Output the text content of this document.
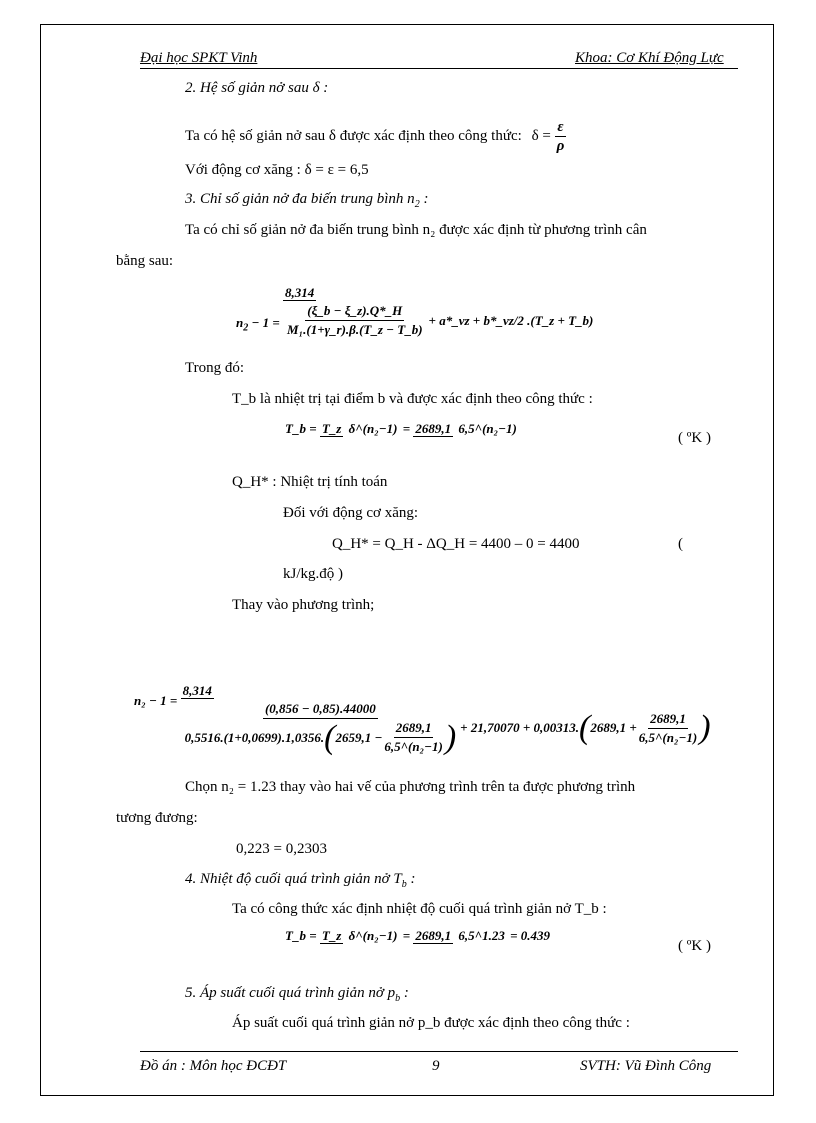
Đại học SPKT Vinh	Khoa: Cơ Khí Động Lực
2. Hệ số giản nở sau δ :
Ta có hệ số giản nở sau δ được xác định theo công thức: $\delta = \frac{\varepsilon}{\rho}$
Với động cơ xăng : δ = ε = 6,5
3. Chỉ số giản nở đa biến trung bình $n_2$ :
Ta có chỉ số giản nở đa biến trung bình n₂ được xác định từ phương trình cân
bằng sau:
$n_2 - 1 = 8,314$
$\frac{(\xi\_b - \xi\_z).Q*\_H}{\text{M₁.(1+γ\_r).β.(T\_z − T\_b)}}$ + a*_vz + b*_vz/2 .(T_z + T_b)
Trong đó:
T_b là nhiệt trị tại điểm b và được xác định theo công thức :
T_b = T_z δ^(n₂−1) = 2689,1 6,5^(n₂−1)
( ºK )
Q_H* : Nhiệt trị tính toán
Đối với động cơ xăng:
Q_H* = Q_H - ΔQ_H = 4400 – 0 = 4400	(
kJ/kg.độ )
Thay vào phương trình;
n₂ − 1 = 8,314
(0,856 − 0,85).44000
0,5516.(1+0,0699).1,0356. ( $2659,1 - \frac{2689,1}{\text{6,5\textasciicircum{}(n₂−1)}}$ ) + 21,70070 + 0,00313. ( $2689,1 + \frac{2689,1}{\text{6,5\textasciicircum{}(n₂−1)}}$ )
Chọn n₂ = 1.23 thay vào hai vế của phương trình trên ta được phương trình
tương đương:
0,223 = 0,2303
4. Nhiệt độ cuối quá trình giản nở $T_b$ :
Ta có công thức xác định nhiệt độ cuối quá trình giản nở T_b :
T_b = T_z δ^(n₂−1) = 2689,1 6,5^1.23 = 0.439
( ºK )
5. Áp suất cuối quá trình giản nở $p_b$ :
Áp suất cuối quá trình giản nở p_b được xác định theo công thức :
Đồ án : Môn học ĐCĐT	9	SVTH: Vũ Đình Công
